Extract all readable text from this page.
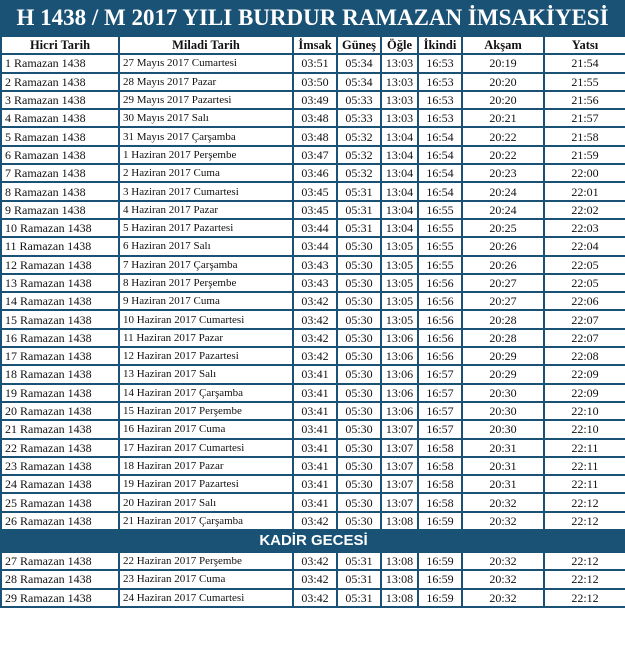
H 1438 / M 2017 YILI BURDUR RAMAZAN İMSAKİYESİ
Hicri Tarih	Miladi Tarih	İmsak	Güneş	Öğle	İkindi	Akşam	Yatsı
1 Ramazan 1438	27 Mayıs 2017 Cumartesi	03:51	05:34	13:03	16:53	20:19	21:54
2 Ramazan 1438	28 Mayıs 2017 Pazar	03:50	05:34	13:03	16:53	20:20	21:55
3 Ramazan 1438	29 Mayıs 2017 Pazartesi	03:49	05:33	13:03	16:53	20:20	21:56
4 Ramazan 1438	30 Mayıs 2017 Salı	03:48	05:33	13:03	16:53	20:21	21:57
5 Ramazan 1438	31 Mayıs 2017 Çarşamba	03:48	05:32	13:04	16:54	20:22	21:58
6 Ramazan 1438	1 Haziran 2017 Perşembe	03:47	05:32	13:04	16:54	20:22	21:59
7 Ramazan 1438	2 Haziran 2017 Cuma	03:46	05:32	13:04	16:54	20:23	22:00
8 Ramazan 1438	3 Haziran 2017 Cumartesi	03:45	05:31	13:04	16:54	20:24	22:01
9 Ramazan 1438	4 Haziran 2017 Pazar	03:45	05:31	13:04	16:55	20:24	22:02
10 Ramazan 1438	5 Haziran 2017 Pazartesi	03:44	05:31	13:04	16:55	20:25	22:03
11 Ramazan 1438	6 Haziran 2017 Salı	03:44	05:30	13:05	16:55	20:26	22:04
12 Ramazan 1438	7 Haziran 2017 Çarşamba	03:43	05:30	13:05	16:55	20:26	22:05
13 Ramazan 1438	8 Haziran 2017 Perşembe	03:43	05:30	13:05	16:56	20:27	22:05
14 Ramazan 1438	9 Haziran 2017 Cuma	03:42	05:30	13:05	16:56	20:27	22:06
15 Ramazan 1438	10 Haziran 2017 Cumartesi	03:42	05:30	13:05	16:56	20:28	22:07
16 Ramazan 1438	11 Haziran 2017 Pazar	03:42	05:30	13:06	16:56	20:28	22:07
17 Ramazan 1438	12 Haziran 2017 Pazartesi	03:42	05:30	13:06	16:56	20:29	22:08
18 Ramazan 1438	13 Haziran 2017 Salı	03:41	05:30	13:06	16:57	20:29	22:09
19 Ramazan 1438	14 Haziran 2017 Çarşamba	03:41	05:30	13:06	16:57	20:30	22:09
20 Ramazan 1438	15 Haziran 2017 Perşembe	03:41	05:30	13:06	16:57	20:30	22:10
21 Ramazan 1438	16 Haziran 2017 Cuma	03:41	05:30	13:07	16:57	20:30	22:10
22 Ramazan 1438	17 Haziran 2017 Cumartesi	03:41	05:30	13:07	16:58	20:31	22:11
23 Ramazan 1438	18 Haziran 2017 Pazar	03:41	05:30	13:07	16:58	20:31	22:11
24 Ramazan 1438	19 Haziran 2017 Pazartesi	03:41	05:30	13:07	16:58	20:31	22:11
25 Ramazan 1438	20 Haziran 2017 Salı	03:41	05:30	13:07	16:58	20:32	22:12
26 Ramazan 1438	21 Haziran 2017 Çarşamba	03:42	05:30	13:08	16:59	20:32	22:12
KADİR GECESİ							
27 Ramazan 1438	22 Haziran 2017 Perşembe	03:42	05:31	13:08	16:59	20:32	22:12
28 Ramazan 1438	23 Haziran 2017 Cuma	03:42	05:31	13:08	16:59	20:32	22:12
29 Ramazan 1438	24 Haziran 2017 Cumartesi	03:42	05:31	13:08	16:59	20:32	22:12
